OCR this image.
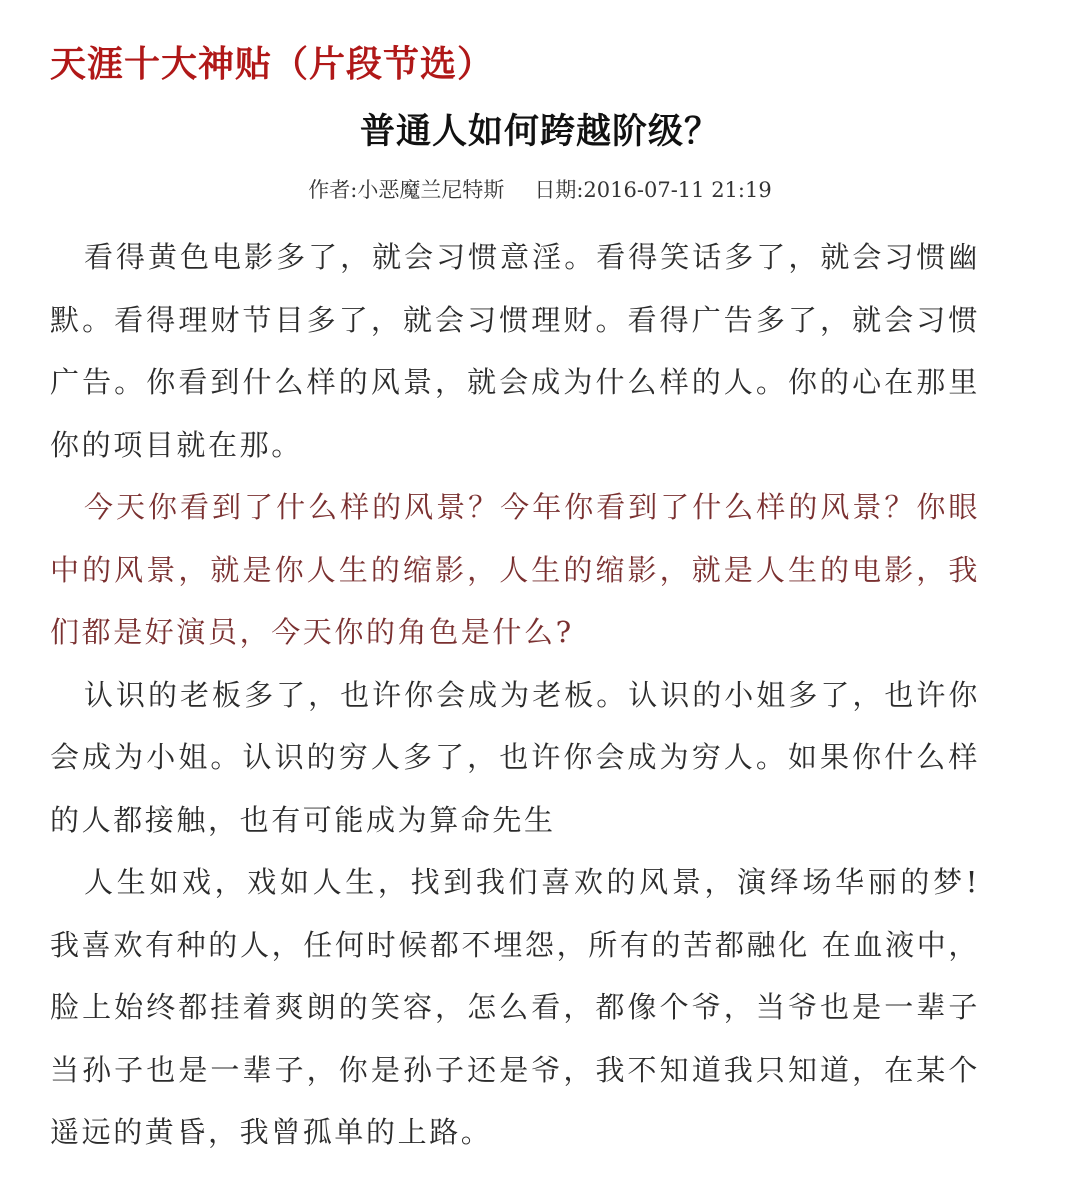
天涯十大神贴（片段节选）
普通人如何跨越阶级？
作者:小恶魔兰尼特斯 日期:2016-07-11 21:19

看得黄色电影多了，就会习惯意淫。看得笑话多了，就会习惯幽默。看得理财节目多了，就会习惯理财。看得广告多了，就会习惯广告。你看到什么样的风景，就会成为什么样的人。你的心在那里你的项目就在那。

今天你看到了什么样的风景？今年你看到了什么样的风景？你眼中的风景，就是你人生的缩影，人生的缩影，就是人生的电影，我们都是好演员，今天你的角色是什么?

认识的老板多了，也许你会成为老板。认识的小姐多了，也许你会成为小姐。认识的穷人多了，也许你会成为穷人。如果你什么样的人都接触，也有可能成为算命先生

人生如戏，戏如人生，找到我们喜欢的风景，演绎场华丽的梦!我喜欢有种的人，任何时候都不埋怨，所有的苦都融化 在血液中，脸上始终都挂着爽朗的笑容，怎么看，都像个爷，当爷也是一辈子当孙子也是一辈子，你是孙子还是爷，我不知道我只知道，在某个遥远的黄昏，我曾孤单的上路。
